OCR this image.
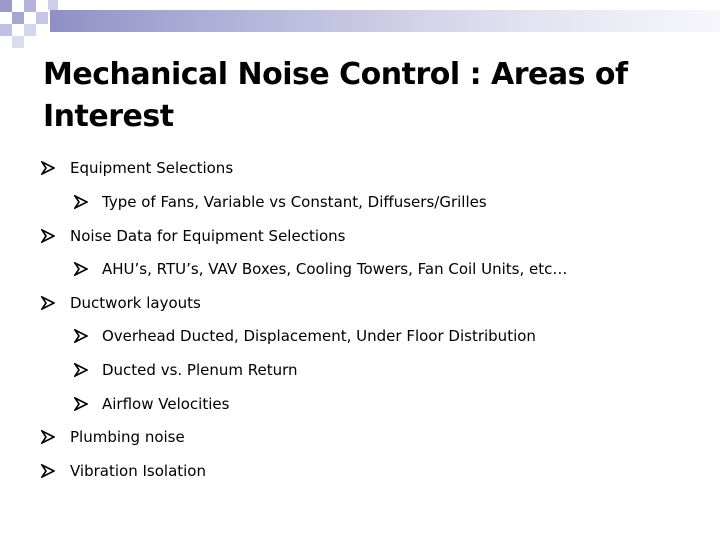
Mechanical Noise Control : Areas of
Interest
Equipment Selections
Type of Fans, Variable vs Constant, Diffusers/Grilles
Noise Data for Equipment Selections
AHU’s, RTU’s, VAV Boxes, Cooling Towers, Fan Coil Units, etc…
Ductwork layouts
Overhead Ducted, Displacement, Under Floor Distribution
Ducted vs. Plenum Return
Airflow Velocities
Plumbing noise
Vibration Isolation
